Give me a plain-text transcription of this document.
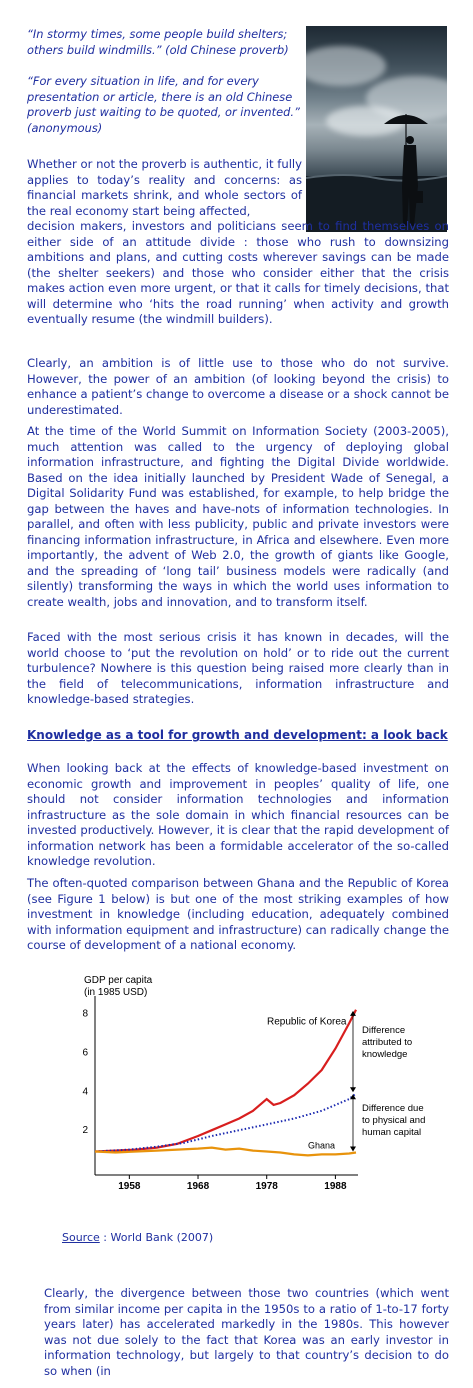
“In stormy times, some people build shelters; others build windmills.” (old Chinese proverb)
“For every situation in life, and for every presentation or article, there is an old Chinese proverb just waiting to be quoted, or invented.” (anonymous)
Whether or not the proverb is authentic, it fully applies to today’s reality and concerns: as financial markets shrink, and whole sectors of the real economy start being affected,
decision makers, investors and politicians seem to find themselves on either side of an attitude divide : those who rush to downsizing ambitions and plans, and cutting costs wherever savings can be made (the shelter seekers) and those who consider either that the crisis makes action even more urgent, or that it calls for timely decisions, that will determine who ‘hits the road running’ when activity and growth eventually resume (the windmill builders).
Clearly, an ambition is of little use to those who do not survive. However, the power of an ambition (of looking beyond the crisis) to enhance a patient’s change to overcome a disease or a shock cannot be underestimated.
At the time of the World Summit on Information Society (2003-2005), much attention was called to the urgency of deploying global information infrastructure, and fighting the Digital Divide worldwide. Based on the idea initially launched by President Wade of Senegal, a Digital Solidarity Fund was established, for example, to help bridge the gap between the haves and have-nots of information technologies. In parallel, and often with less publicity, public and private investors were financing information infrastructure, in Africa and elsewhere. Even more importantly, the advent of Web 2.0, the growth of giants like Google, and the spreading of ‘long tail’ business models were radically (and silently) transforming the ways in which the world uses information to create wealth, jobs and innovation, and to transform itself.
Faced with the most serious crisis it has known in decades, will the world choose to ‘put the revolution on hold’ or to ride out the current turbulence? Nowhere is this question being raised more clearly than in the field of telecommunications, information infrastructure and knowledge-based strategies.
Knowledge as a tool for growth and development: a look back
When looking back at the effects of knowledge-based investment on economic growth and improvement in peoples’ quality of life, one should not consider information technologies and information infrastructure as the sole domain in which financial resources can be invested productively. However, it is clear that the rapid development of information network has been a formidable accelerator of the so-called knowledge revolution.
The often-quoted comparison between Ghana and the Republic of Korea (see Figure 1 below) is but one of the most striking examples of how investment in knowledge (including education, adequately combined with information equipment and infrastructure) can radically change the course of development of a national economy.
GDP per capita
(in 1985 USD)
2
4
6
8
1958	1968	1978	1988
Republic of Korea
Ghana
Difference
attributed to
knowledge
Difference due
to physical and
human capital
Source : World Bank (2007)
Clearly, the divergence between those two countries (which went from similar income per capita in the 1950s to a ratio of 1-to-17 forty years later) has accelerated markedly in the 1980s. This however was not due solely to the fact that Korea was an early investor in information technology, but largely to that country’s decision to do so when (in
